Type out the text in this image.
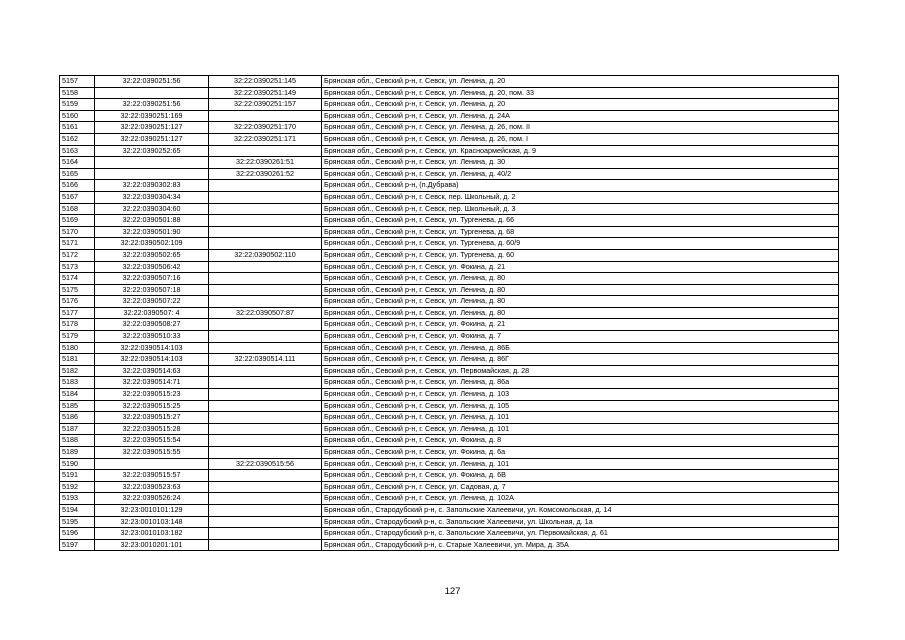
5157	32:22:0390251:56	32:22:0390251:145	Брянская обл., Севский р-н, г. Севск, ул. Ленина, д. 20
5158		32:22:0390251:149	Брянская обл., Севский р-н, г. Севск, ул. Ленина, д. 20, пом. 33
5159	32:22:0390251:56	32:22:0390251:157	Брянская обл., Севский р-н, г. Севск, ул. Ленина, д. 20
5160	32:22:0390251:169		Брянская обл., Севский р-н, г. Севск, ул. Ленина, д. 24А
5161	32:22:0390251:127	32:22:0390251:170	Брянская обл., Севский р-н, г. Севск, ул. Ленина, д. 26, пом. II
5162	32:22:0390251:127	32:22:0390251:171	Брянская обл., Севский р-н, г. Севск, ул. Ленина, д. 26, пом. I
5163	32:22:0390252:65		Брянская обл., Севский р-н, г. Севск, ул. Красноармейская, д. 9
5164		32:22:0390261:51	Брянская обл., Севский р-н, г. Севск, ул. Ленина, д. 30
5165		32:22:0390261:52	Брянская обл., Севский р-н, г. Севск, ул. Ленина, д. 40/2
5166	32:22:0390302:83		Брянская обл., Севский р-н, (п.Дубрава)
5167	32:22:0390304:34		Брянская обл., Севский р-н, г. Севск, пер. Школьный, д. 2
5168	32:22:0390304:60		Брянская обл., Севский р-н, г. Севск, пер. Школьный, д. 3
5169	32:22:0390501:88		Брянская обл., Севский р-н, г. Севск, ул. Тургенева, д. 66
5170	32:22:0390501:90		Брянская обл., Севский р-н, г. Севск, ул. Тургенева, д. 68
5171	32:22:0390502:109		Брянская обл., Севский р-н, г. Севск, ул. Тургенева, д. 60/9
5172	32:22:0390502:65	32:22:0390502:110	Брянская обл., Севский р-н, г. Севск, ул. Тургенева, д. 60
5173	32:22:0390506:42		Брянская обл., Севский р-н, г. Севск, ул. Фокина, д. 21
5174	32:22:0390507:16		Брянская обл., Севский р-н, г. Севск, ул. Ленина, д. 80
5175	32:22:0390507:18		Брянская обл., Севский р-н, г. Севск, ул. Ленина, д. 80
5176	32:22:0390507:22		Брянская обл., Севский р-н, г. Севск, ул. Ленина, д. 80
5177	32:22:0390507: 4	32:22:0390507:87	Брянская обл., Севский р-н, г. Севск, ул. Ленина, д. 80
5178	32:22:0390508:27		Брянская обл., Севский р-н, г. Севск, ул. Фокина, д. 21
5179	32:22:0390510:33		Брянская обл., Севский р-н, г. Севск, ул. Фокина, д. 7
5180	32:22:0390514:103		Брянская обл., Севский р-н, г. Севск, ул. Ленина, д. 86Б
5181	32:22:0390514:103	32:22:0390514.111	Брянская обл., Севский р-н, г. Севск, ул. Ленина, д. 86Г
5182	32:22:0390514:63		Брянская обл., Севский р-н, г. Севск, ул. Первомайская, д. 28
5183	32:22:0390514:71		Брянская обл., Севский р-н, г. Севск, ул. Ленина, д. 86а
5184	32:22:0390515:23		Брянская обл., Севский р-н, г. Севск, ул. Ленина, д. 103
5185	32:22:0390515:25		Брянская обл., Севский р-н, г. Севск, ул. Ленина, д. 105
5186	32:22:0390515:27		Брянская обл., Севский р-н, г. Севск, ул. Ленина, д. 101
5187	32:22:0390515:28		Брянская обл., Севский р-н, г. Севск, ул. Ленина, д. 101
5188	32:22:0390515:54		Брянская обл., Севский р-н, г. Севск, ул. Фокина, д. 8
5189	32:22:0390515:55		Брянская обл., Севский р-н, г. Севск, ул. Фокина, д. 6а
5190		32:22:0390515:56	Брянская обл., Севский р-н, г. Севск, ул. Ленина, д. 101
5191	32:22:0390515:57		Брянская обл., Севский р-н, г. Севск, ул. Фокина, д. 6В
5192	32:22:0390523:63		Брянская обл., Севский р-н, г. Севск, ул. Садовая, д. 7
5193	32:22:0390526:24		Брянская обл., Севский р-н, г. Севск, ул. Ленина, д. 102А
5194	32:23:0010101:129		Брянская обл., Стародубский р-н, с. Запольские Халеевичи, ул. Комсомольская, д. 14
5195	32:23:0010103:148		Брянская обл., Стародубский р-н, с. Запольские Халеевичи, ул. Школьная, д. 1а
5196	32:23:0010103:182		Брянская обл., Стародубский р-н, с. Запольские Халеевичи, ул. Первомайская, д. 61
5197	32:23:0010201:101		Брянская обл., Стародубский р-н, с. Старые Халеевичи, ул. Мира, д. 35А
127
